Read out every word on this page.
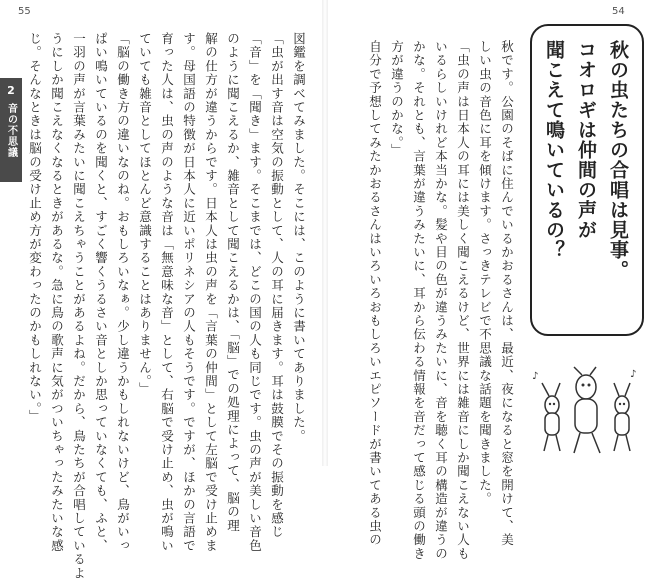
55	54
2
音の不思議	秋の虫たちの合唱は見事。
コオロギは仲間の声が
聞こえて鳴いているの？
秋です。公園のそばに住んでいるかおるさんは、最近、夜になると窓を開けて、美
しい虫の音色に耳を傾けます。さっきテレビで不思議な話題を聞きました。
「虫の声は日本人の耳には美しく聞こえるけど、世界には雑音にしか聞こえない人も
いるらしいけれど本当かな。髪や目の色が違うみたいに、音を聴く耳の構造が違うの
かな。それとも、言葉が違うみたいに、耳から伝わる情報を音だって感じる頭の働き
方が違うのかな。」
自分で予想してみたかおるさんはいろいろおもしろいエピソードが書いてある虫の
図鑑を調べてみました。そこには、このように書いてありました。
「虫が出す音は空気の振動として、人の耳に届きます。耳は鼓膜でその振動を感じ
「音」を「聞き」ます。そこまでは、どこの国の人も同じです。虫の声が美しい音色
のように聞こえるか、雑音として聞こえるかは、「脳」での処理によって、脳の理
解の仕方が違うからです。日本人は虫の声を「言葉の仲間」として左脳で受け止めま
す。母国語の特徴が日本人に近いポリネシアの人もそうです。ですが、ほかの言語で
育った人は、虫の声のような音は「無意味な音」として、右脳で受け止め、虫が鳴い
ていても雑音としてほとんど意識することはありません。」
「脳の働き方の違いなのね。おもしろいなぁ。少し違うかもしれないけど、鳥がいっ
ぱい鳴いているのを聞くと、すごく響くうるさい音としか思っていなくても、ふと、
一羽の声が言葉みたいに聞こえちゃうことがあるよね。だから、鳥たちが合唱しているよ
うにしか聞こえなくなるときがあるな。急に鳥の歌声に気がついちゃったみたいな感
じ。そんなときは脳の受け止め方が変わったのかもしれない。」	♪	♪
